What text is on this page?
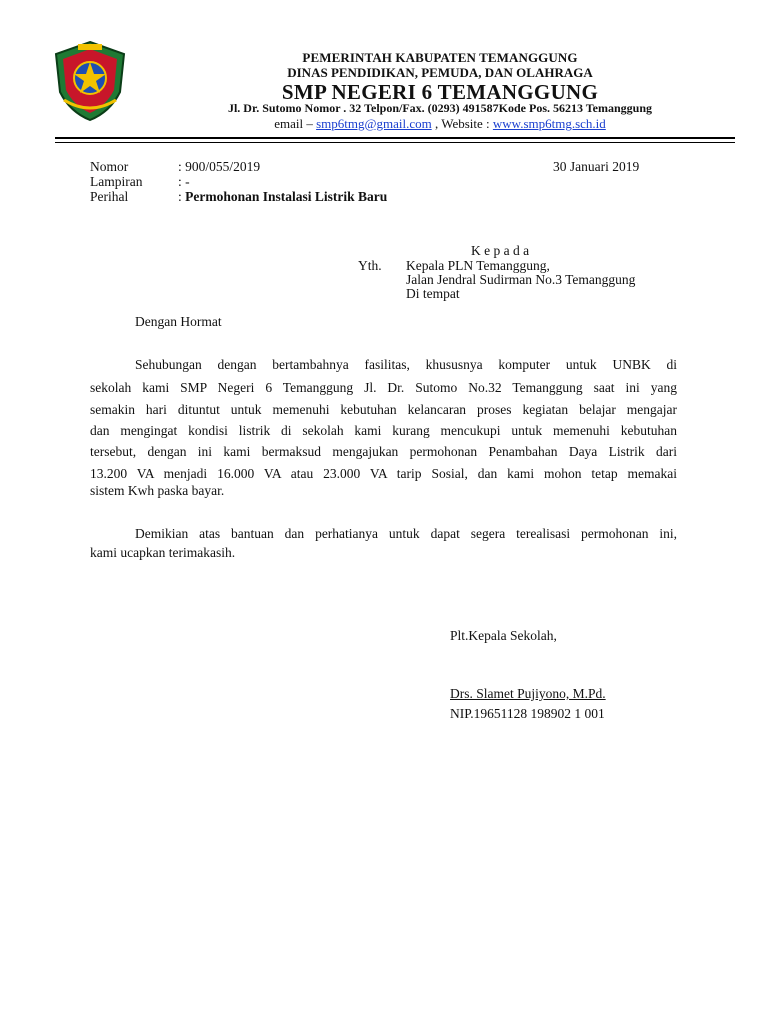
PEMERINTAH KABUPATEN TEMANGGUNG
DINAS PENDIDIKAN, PEMUDA, DAN OLAHRAGA
SMP NEGERI 6 TEMANGGUNG
Jl. Dr. Sutomo Nomor . 32 Telpon/Fax. (0293) 491587Kode Pos. 56213 Temanggung
email – smp6tmg@gmail.com , Website : www.smp6tmg.sch.id
Nomor	: 900/055/2019	30 Januari 2019
Lampiran	: -
Perihal	: Permohonan Instalasi Listrik Baru
K e p a d a
Yth. Kepala PLN Temanggung,
Jalan Jendral Sudirman No.3 Temanggung
Di tempat
Dengan Hormat
Sehubungan dengan bertambahnya fasilitas, khususnya komputer untuk UNBK di
sekolah kami SMP Negeri 6 Temanggung Jl. Dr. Sutomo No.32 Temanggung saat ini yang
semakin hari dituntut untuk memenuhi kebutuhan kelancaran proses kegiatan belajar mengajar
dan mengingat kondisi listrik di sekolah kami kurang mencukupi untuk memenuhi kebutuhan
tersebut, dengan ini kami bermaksud mengajukan permohonan Penambahan Daya Listrik dari
13.200 VA menjadi 16.000 VA atau 23.000 VA tarip Sosial, dan kami mohon tetap memakai
sistem Kwh paska bayar.
Demikian atas bantuan dan perhatianya untuk dapat segera terealisasi permohonan ini,
kami ucapkan terimakasih.
Plt.Kepala Sekolah,
Drs. Slamet Pujiyono, M.Pd.
NIP.19651128 198902 1 001
